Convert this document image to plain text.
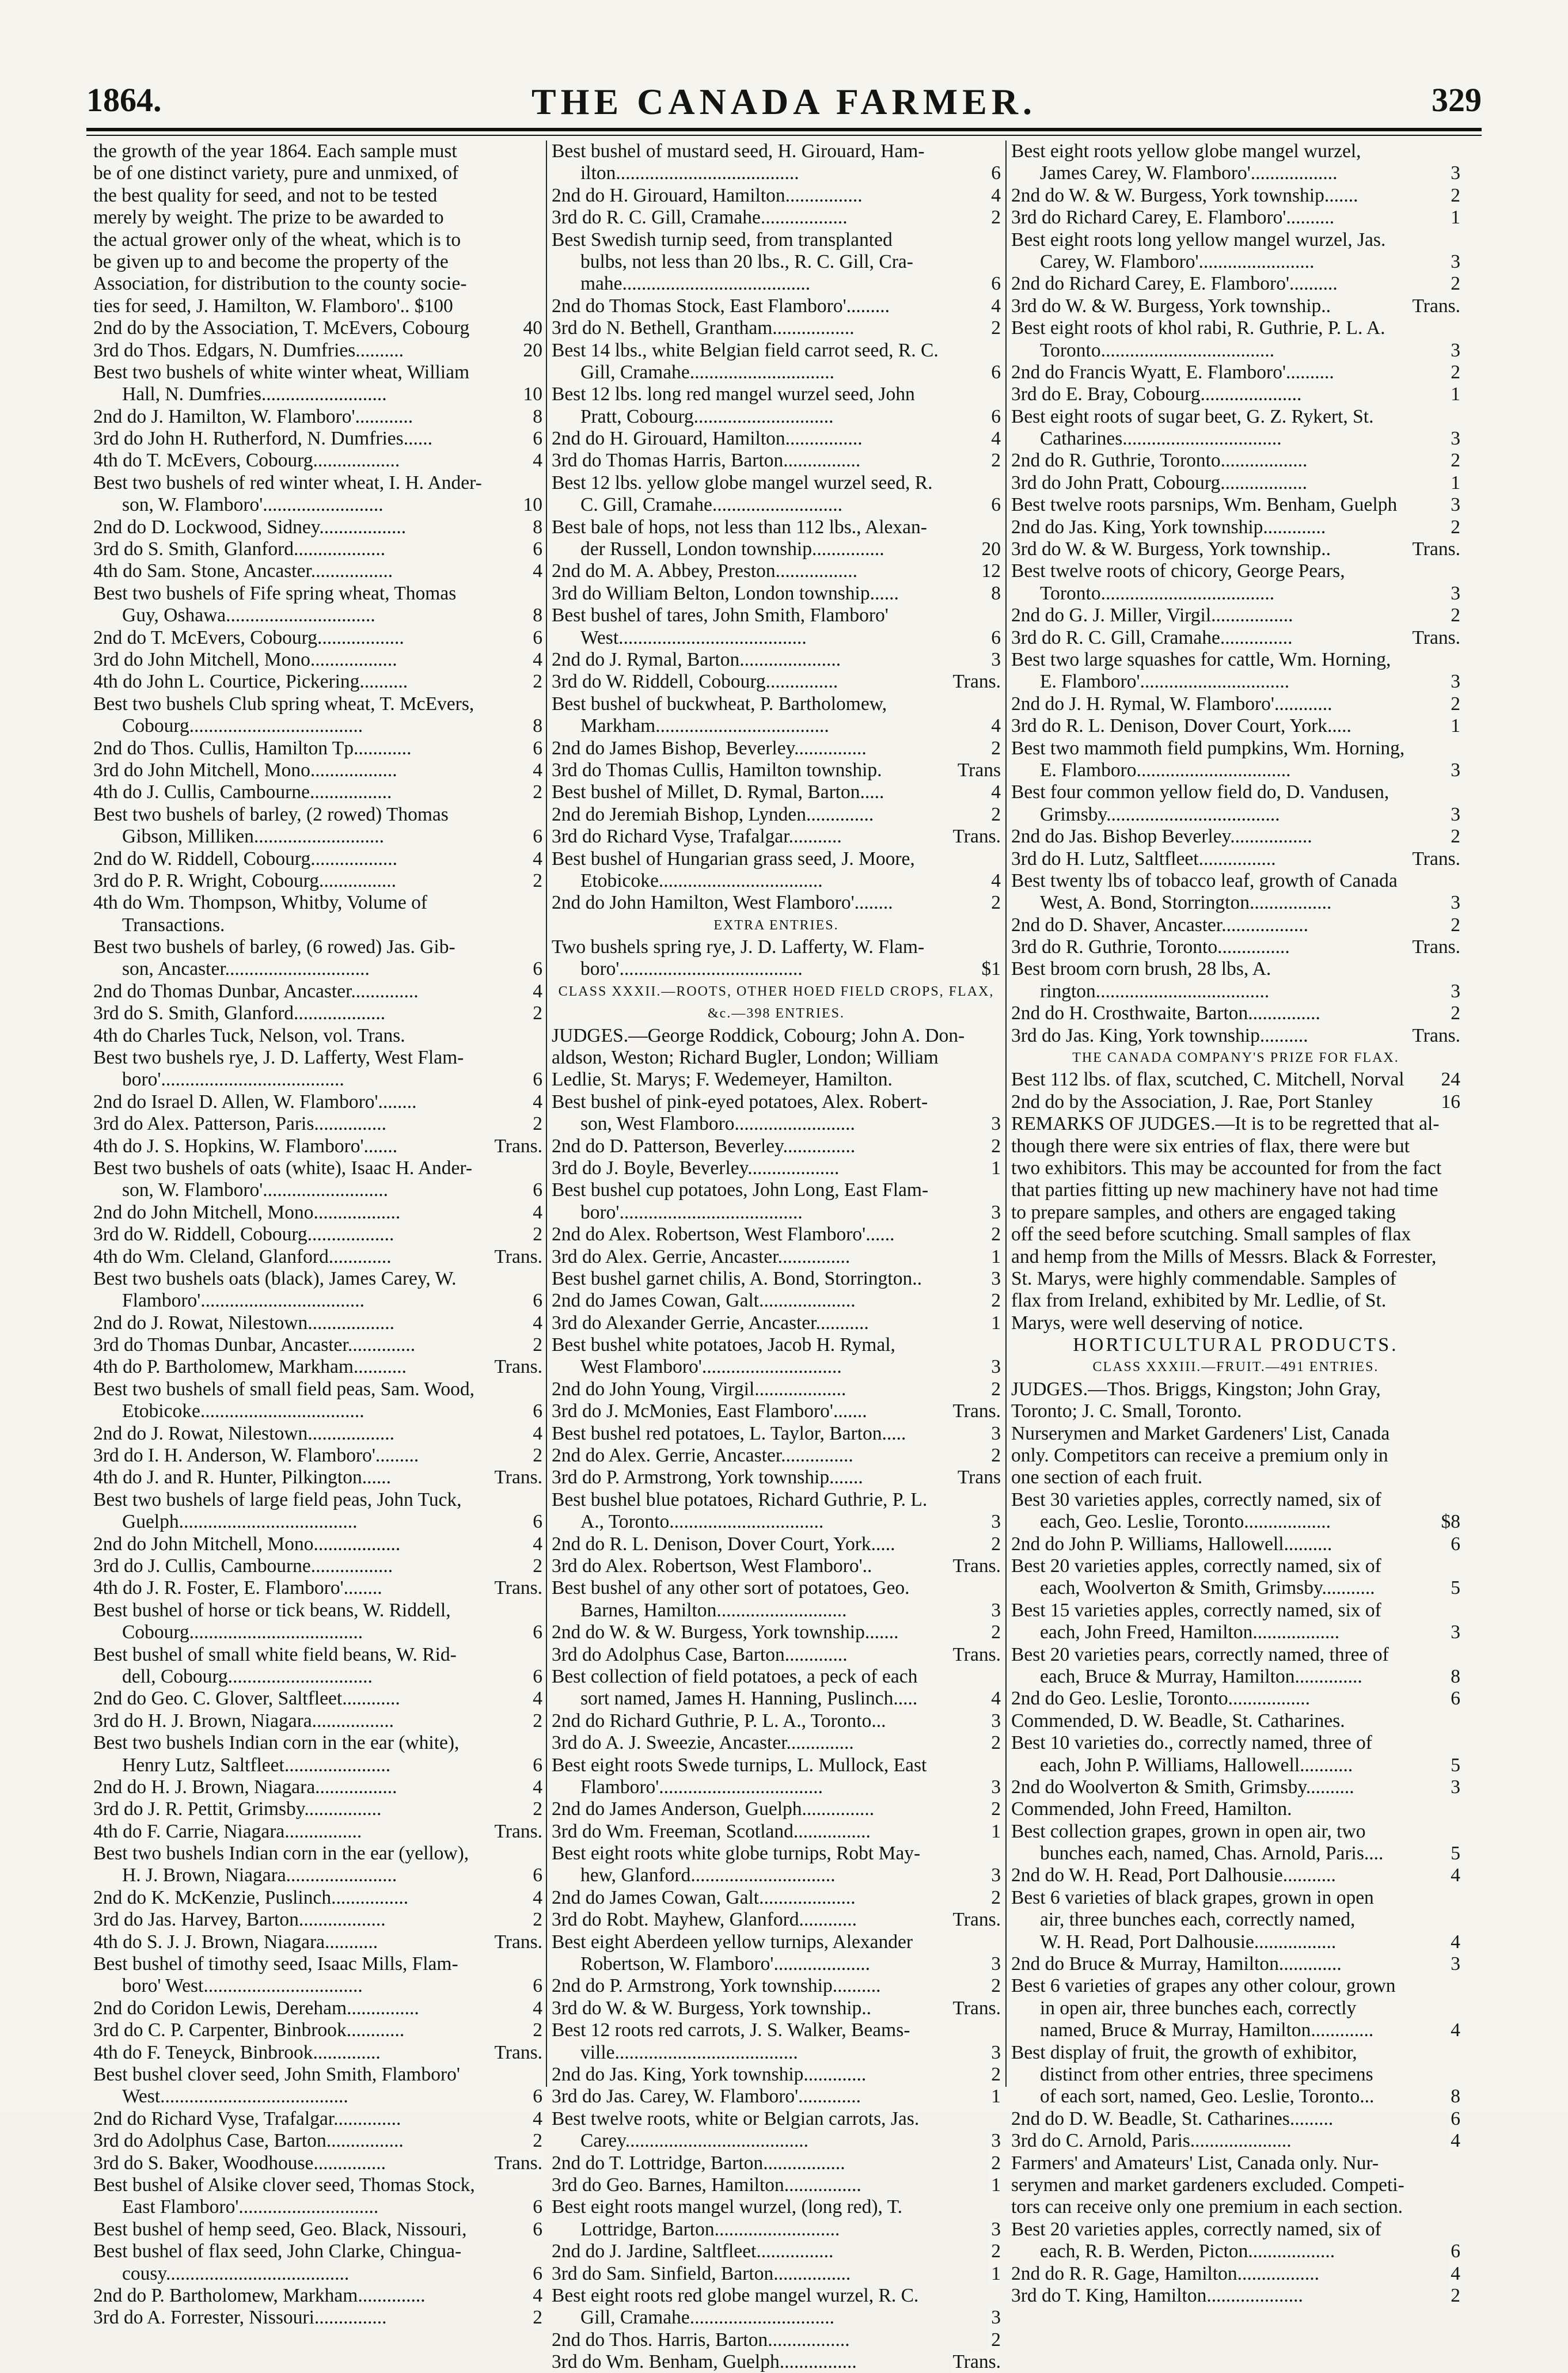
THE CANADA FARMER.
1864.	329
the growth of the year 1864. Each sample must
be of one distinct variety, pure and unmixed, of
the best quality for seed, and not to be tested
merely by weight. The prize to be awarded to
the actual grower only of the wheat, which is to
be given up to and become the property of the
Association, for distribution to the county socie-
ties for seed, J. Hamilton, W. Flamboro'.. $100
2nd do by the Association, T. McEvers, Cobourg	40
3rd do Thos. Edgars, N. Dumfries..........	20
Best two bushels of white winter wheat, William
Hall, N. Dumfries..........................	10
2nd do J. Hamilton, W. Flamboro'............	8
3rd do John H. Rutherford, N. Dumfries......	6
4th do T. McEvers, Cobourg..................	4
Best two bushels of red winter wheat, I. H. Ander-
son, W. Flamboro'.........................	10
2nd do D. Lockwood, Sidney..................	8
3rd do S. Smith, Glanford...................	6
4th do Sam. Stone, Ancaster.................	4
Best two bushels of Fife spring wheat, Thomas
Guy, Oshawa...............................	8
2nd do T. McEvers, Cobourg..................	6
3rd do John Mitchell, Mono..................	4
4th do John L. Courtice, Pickering..........	2
Best two bushels Club spring wheat, T. McEvers,
Cobourg....................................	8
2nd do Thos. Cullis, Hamilton Tp............	6
3rd do John Mitchell, Mono..................	4
4th do J. Cullis, Cambourne.................	2
Best two bushels of barley, (2 rowed) Thomas
Gibson, Milliken...........................	6
2nd do W. Riddell, Cobourg..................	4
3rd do P. R. Wright, Cobourg................	2
4th do Wm. Thompson, Whitby, Volume of
Transactions.
Best two bushels of barley, (6 rowed) Jas. Gib-
son, Ancaster..............................	6
2nd do Thomas Dunbar, Ancaster..............	4
3rd do S. Smith, Glanford...................	2
4th do Charles Tuck, Nelson, vol. Trans.
Best two bushels rye, J. D. Lafferty, West Flam-
boro'......................................	6
2nd do Israel D. Allen, W. Flamboro'........	4
3rd do Alex. Patterson, Paris...............	2
4th do J. S. Hopkins, W. Flamboro'.......	Trans.
Best two bushels of oats (white), Isaac H. Ander-
son, W. Flamboro'..........................	6
2nd do John Mitchell, Mono..................	4
3rd do W. Riddell, Cobourg..................	2
4th do Wm. Cleland, Glanford.............	Trans.
Best two bushels oats (black), James Carey, W.
Flamboro'..................................	6
2nd do J. Rowat, Nilestown..................	4
3rd do Thomas Dunbar, Ancaster..............	2
4th do P. Bartholomew, Markham...........	Trans.
Best two bushels of small field peas, Sam. Wood,
Etobicoke..................................	6
2nd do J. Rowat, Nilestown..................	4
3rd do I. H. Anderson, W. Flamboro'.........	2
4th do J. and R. Hunter, Pilkington......	Trans.
Best two bushels of large field peas, John Tuck,
Guelph.....................................	6
2nd do John Mitchell, Mono..................	4
3rd do J. Cullis, Cambourne.................	2
4th do J. R. Foster, E. Flamboro'........	Trans.
Best bushel of horse or tick beans, W. Riddell,
Cobourg....................................	6
Best bushel of small white field beans, W. Rid-
dell, Cobourg..............................	6
2nd do Geo. C. Glover, Saltfleet............	4
3rd do H. J. Brown, Niagara.................	2
Best two bushels Indian corn in the ear (white),
Henry Lutz, Saltfleet......................	6
2nd do H. J. Brown, Niagara.................	4
3rd do J. R. Pettit, Grimsby................	2
4th do F. Carrie, Niagara................	Trans.
Best two bushels Indian corn in the ear (yellow),
H. J. Brown, Niagara.......................	6
2nd do K. McKenzie, Puslinch................	4
3rd do Jas. Harvey, Barton..................	2
4th do S. J. J. Brown, Niagara...........	Trans.
Best bushel of timothy seed, Isaac Mills, Flam-
boro' West.................................	6
2nd do Coridon Lewis, Dereham...............	4
3rd do C. P. Carpenter, Binbrook............	2
4th do F. Teneyck, Binbrook..............	Trans.
Best bushel clover seed, John Smith, Flamboro'
West.......................................	6
2nd do Richard Vyse, Trafalgar..............	4
3rd do Adolphus Case, Barton................	2
3rd do S. Baker, Woodhouse...............	Trans.
Best bushel of Alsike clover seed, Thomas Stock,
East Flamboro'.............................	6
Best bushel of hemp seed, Geo. Black, Nissouri,	6
Best bushel of flax seed, John Clarke, Chingua-
cousy......................................	6
2nd do P. Bartholomew, Markham..............	4
3rd do A. Forrester, Nissouri...............	2
Best bushel of mustard seed, H. Girouard, Ham-
ilton......................................	6
2nd do H. Girouard, Hamilton................	4
3rd do R. C. Gill, Cramahe..................	2
Best Swedish turnip seed, from transplanted
bulbs, not less than 20 lbs., R. C. Gill, Cra-
mahe.......................................	6
2nd do Thomas Stock, East Flamboro'.........	4
3rd do N. Bethell, Grantham.................	2
Best 14 lbs., white Belgian field carrot seed, R. C.
Gill, Cramahe..............................	6
Best 12 lbs. long red mangel wurzel seed, John
Pratt, Cobourg.............................	6
2nd do H. Girouard, Hamilton................	4
3rd do Thomas Harris, Barton................	2
Best 12 lbs. yellow globe mangel wurzel seed, R.
C. Gill, Cramahe...........................	6
Best bale of hops, not less than 112 lbs., Alexan-
der Russell, London township...............	20
2nd do M. A. Abbey, Preston.................	12
3rd do William Belton, London township......	8
Best bushel of tares, John Smith, Flamboro'
West.......................................	6
2nd do J. Rymal, Barton.....................	3
3rd do W. Riddell, Cobourg...............	Trans.
Best bushel of buckwheat, P. Bartholomew,
Markham....................................	4
2nd do James Bishop, Beverley...............	2
3rd do Thomas Cullis, Hamilton township.	Trans
Best bushel of Millet, D. Rymal, Barton.....	4
2nd do Jeremiah Bishop, Lynden..............	2
3rd do Richard Vyse, Trafalgar...........	Trans.
Best bushel of Hungarian grass seed, J. Moore,
Etobicoke..................................	4
2nd do John Hamilton, West Flamboro'........	2
EXTRA ENTRIES.
Two bushels spring rye, J. D. Lafferty, W. Flam-
boro'......................................	$1
CLASS XXXII.—ROOTS, OTHER HOED FIELD CROPS, FLAX,
&c.—398 ENTRIES.
JUDGES.—George Roddick, Cobourg; John A. Don-
aldson, Weston; Richard Bugler, London; William
Ledlie, St. Marys; F. Wedemeyer, Hamilton.
Best bushel of pink-eyed potatoes, Alex. Robert-
son, West Flamboro.........................	3
2nd do D. Patterson, Beverley...............	2
3rd do J. Boyle, Beverley...................	1
Best bushel cup potatoes, John Long, East Flam-
boro'......................................	3
2nd do Alex. Robertson, West Flamboro'......	2
3rd do Alex. Gerrie, Ancaster...............	1
Best bushel garnet chilis, A. Bond, Storrington..	3
2nd do James Cowan, Galt....................	2
3rd do Alexander Gerrie, Ancaster...........	1
Best bushel white potatoes, Jacob H. Rymal,
West Flamboro'.............................	3
2nd do John Young, Virgil...................	2
3rd do J. McMonies, East Flamboro'.......	Trans.
Best bushel red potatoes, L. Taylor, Barton.....	3
2nd do Alex. Gerrie, Ancaster...............	2
3rd do P. Armstrong, York township.......	Trans
Best bushel blue potatoes, Richard Guthrie, P. L.
A., Toronto................................	3
2nd do R. L. Denison, Dover Court, York.....	2
3rd do Alex. Robertson, West Flamboro'..	Trans.
Best bushel of any other sort of potatoes, Geo.
Barnes, Hamilton...........................	3
2nd do W. & W. Burgess, York township.......	2
3rd do Adolphus Case, Barton.............	Trans.
Best collection of field potatoes, a peck of each
sort named, James H. Hanning, Puslinch.....	4
2nd do Richard Guthrie, P. L. A., Toronto...	3
3rd do A. J. Sweezie, Ancaster..............	2
Best eight roots Swede turnips, L. Mullock, East
Flamboro'..................................	3
2nd do James Anderson, Guelph...............	2
3rd do Wm. Freeman, Scotland................	1
Best eight roots white globe turnips, Robt May-
hew, Glanford..............................	3
2nd do James Cowan, Galt....................	2
3rd do Robt. Mayhew, Glanford............	Trans.
Best eight Aberdeen yellow turnips, Alexander
Robertson, W. Flamboro'....................	3
2nd do P. Armstrong, York township..........	2
3rd do W. & W. Burgess, York township..	Trans.
Best 12 roots red carrots, J. S. Walker, Beams-
ville......................................	3
2nd do Jas. King, York township.............	2
3rd do Jas. Carey, W. Flamboro'.............	1
Best twelve roots, white or Belgian carrots, Jas.
Carey......................................	3
2nd do T. Lottridge, Barton.................	2
3rd do Geo. Barnes, Hamilton................	1
Best eight roots mangel wurzel, (long red), T.
Lottridge, Barton..........................	3
2nd do J. Jardine, Saltfleet................	2
3rd do Sam. Sinfield, Barton................	1
Best eight roots red globe mangel wurzel, R. C.
Gill, Cramahe..............................	3
2nd do Thos. Harris, Barton.................	2
3rd do Wm. Benham, Guelph................	Trans.
Best eight roots yellow globe mangel wurzel,
James Carey, W. Flamboro'..................	3
2nd do W. & W. Burgess, York township.......	2
3rd do Richard Carey, E. Flamboro'..........	1
Best eight roots long yellow mangel wurzel, Jas.
Carey, W. Flamboro'........................	3
2nd do Richard Carey, E. Flamboro'..........	2
3rd do W. & W. Burgess, York township..	Trans.
Best eight roots of khol rabi, R. Guthrie, P. L. A.
Toronto....................................	3
2nd do Francis Wyatt, E. Flamboro'..........	2
3rd do E. Bray, Cobourg.....................	1
Best eight roots of sugar beet, G. Z. Rykert, St.
Catharines.................................	3
2nd do R. Guthrie, Toronto..................	2
3rd do John Pratt, Cobourg..................	1
Best twelve roots parsnips, Wm. Benham, Guelph	3
2nd do Jas. King, York township.............	2
3rd do W. & W. Burgess, York township..	Trans.
Best twelve roots of chicory, George Pears,
Toronto....................................	3
2nd do G. J. Miller, Virgil.................	2
3rd do R. C. Gill, Cramahe...............	Trans.
Best two large squashes for cattle, Wm. Horning,
E. Flamboro'...............................	3
2nd do J. H. Rymal, W. Flamboro'............	2
3rd do R. L. Denison, Dover Court, York.....	1
Best two mammoth field pumpkins, Wm. Horning,
E. Flamboro................................	3
Best four common yellow field do, D. Vandusen,
Grimsby....................................	3
2nd do Jas. Bishop Beverley.................	2
3rd do H. Lutz, Saltfleet................	Trans.
Best twenty lbs of tobacco leaf, growth of Canada
West, A. Bond, Storrington.................	3
2nd do D. Shaver, Ancaster..................	2
3rd do R. Guthrie, Toronto...............	Trans.
Best broom corn brush, 28 lbs, A.
rington....................................	3
2nd do H. Crosthwaite, Barton...............	2
3rd do Jas. King, York township..........	Trans.
THE CANADA COMPANY'S PRIZE FOR FLAX.
Best 112 lbs. of flax, scutched, C. Mitchell, Norval 24
2nd do by the Association, J. Rae, Port Stanley	16
REMARKS OF JUDGES.—It is to be regretted that al-
though there were six entries of flax, there were but
two exhibitors. This may be accounted for from the fact
that parties fitting up new machinery have not had time
to prepare samples, and others are engaged taking
off the seed before scutching. Small samples of flax
and hemp from the Mills of Messrs. Black & Forrester,
St. Marys, were highly commendable. Samples of
flax from Ireland, exhibited by Mr. Ledlie, of St.
Marys, were well deserving of notice.
HORTICULTURAL PRODUCTS.
CLASS XXXIII.—FRUIT.—491 ENTRIES.
JUDGES.—Thos. Briggs, Kingston; John Gray,
Toronto; J. C. Small, Toronto.
Nurserymen and Market Gardeners' List, Canada
only. Competitors can receive a premium only in
one section of each fruit.
Best 30 varieties apples, correctly named, six of
each, Geo. Leslie, Toronto..................	$8
2nd do John P. Williams, Hallowell..........	6
Best 20 varieties apples, correctly named, six of
each, Woolverton & Smith, Grimsby...........	5
Best 15 varieties apples, correctly named, six of
each, John Freed, Hamilton..................	3
Best 20 varieties pears, correctly named, three of
each, Bruce & Murray, Hamilton..............	8
2nd do Geo. Leslie, Toronto.................	6
Commended, D. W. Beadle, St. Catharines.
Best 10 varieties do., correctly named, three of
each, John P. Williams, Hallowell...........	5
2nd do Woolverton & Smith, Grimsby..........	3
Commended, John Freed, Hamilton.
Best collection grapes, grown in open air, two
bunches each, named, Chas. Arnold, Paris....	5
2nd do W. H. Read, Port Dalhousie...........	4
Best 6 varieties of black grapes, grown in open
air, three bunches each, correctly named,
W. H. Read, Port Dalhousie.................	4
2nd do Bruce & Murray, Hamilton.............	3
Best 6 varieties of grapes any other colour, grown
in open air, three bunches each, correctly
named, Bruce & Murray, Hamilton.............	4
Best display of fruit, the growth of exhibitor,
distinct from other entries, three specimens
of each sort, named, Geo. Leslie, Toronto...	8
2nd do D. W. Beadle, St. Catharines.........	6
3rd do C. Arnold, Paris.....................	4
Farmers' and Amateurs' List, Canada only. Nur-
serymen and market gardeners excluded. Competi-
tors can receive only one premium in each section.
Best 20 varieties apples, correctly named, six of
each, R. B. Werden, Picton..................	6
2nd do R. R. Gage, Hamilton.................	4
3rd do T. King, Hamilton....................	2
